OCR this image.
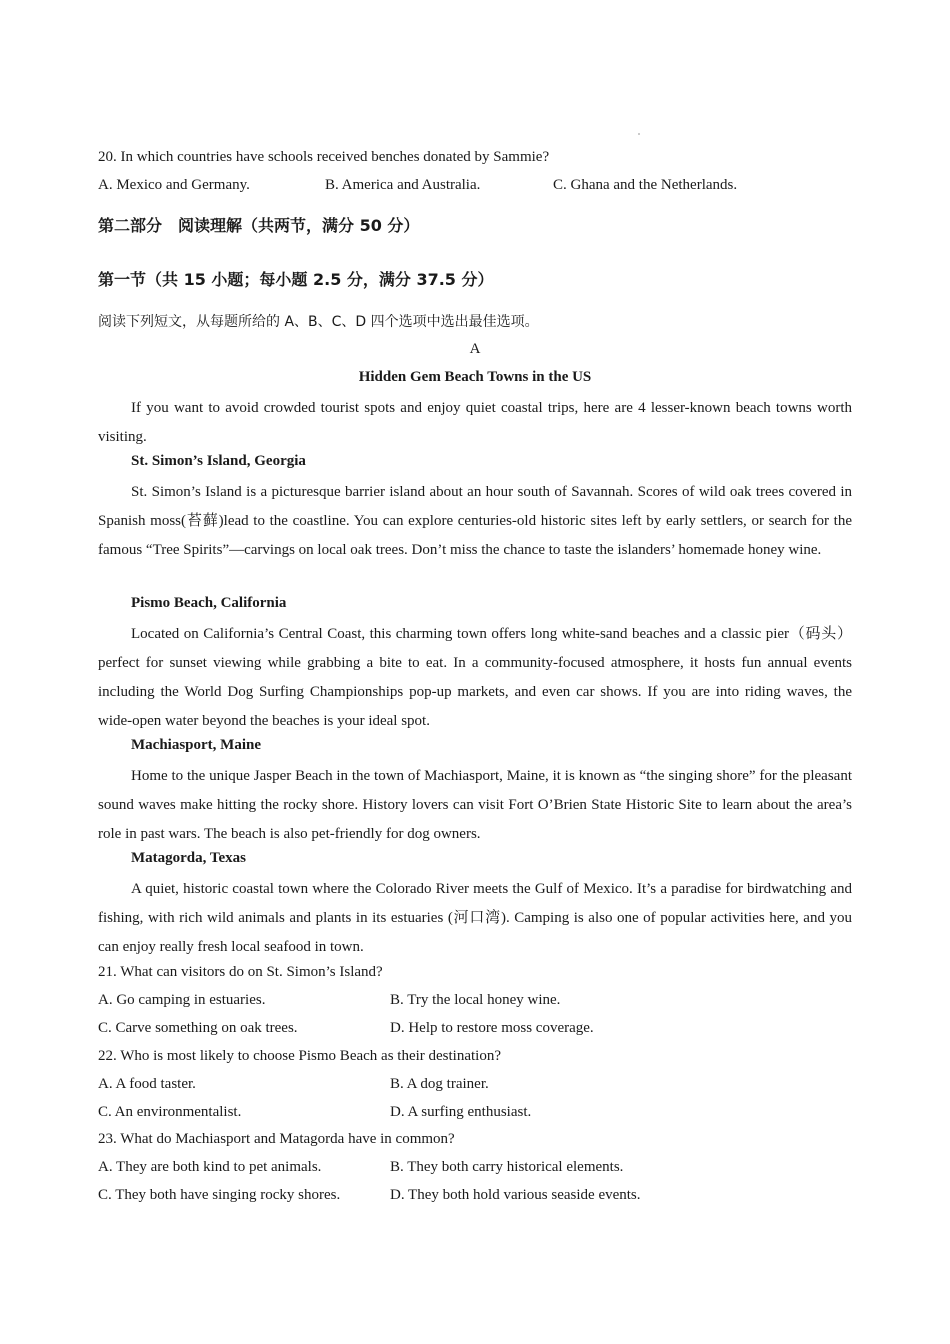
20. In which countries have schools received benches donated by Sammie?
A. Mexico and Germany.	B. America and Australia.	C. Ghana and the Netherlands.
第二部分　阅读理解（共两节，满分 50 分）
第一节（共 15 小题；每小题 2.5 分，满分 37.5 分）
阅读下列短文，从每题所给的 A、B、C、D 四个选项中选出最佳选项。
A
Hidden Gem Beach Towns in the US

If you want to avoid crowded tourist spots and enjoy quiet coastal trips, here are 4 lesser-known beach towns worth visiting.

St. Simon’s Island, Georgia

St. Simon’s Island is a picturesque barrier island about an hour south of Savannah. Scores of wild oak trees covered in Spanish moss(苔藓)lead to the coastline. You can explore centuries-old historic sites left by early settlers, or search for the famous “Tree Spirits”—carvings on local oak trees. Don’t miss the chance to taste the islanders’ homemade honey wine.

Pismo Beach, California

Located on California’s Central Coast, this charming town offers long white-sand beaches and a classic pier（码头）perfect for sunset viewing while grabbing a bite to eat. In a community-focused atmosphere, it hosts fun annual events including the World Dog Surfing Championships pop-up markets, and even car shows. If you are into riding waves, the wide-open water beyond the beaches is your ideal spot.

Machiasport, Maine

Home to the unique Jasper Beach in the town of Machiasport, Maine, it is known as “the singing shore” for the pleasant sound waves make hitting the rocky shore. History lovers can visit Fort O’Brien State Historic Site to learn about the area’s role in past wars. The beach is also pet-friendly for dog owners.

Matagorda, Texas

A quiet, historic coastal town where the Colorado River meets the Gulf of Mexico. It’s a paradise for birdwatching and fishing, with rich wild animals and plants in its estuaries (河口湾). Camping is also one of popular activities here, and you can enjoy really fresh local seafood in town.

21. What can visitors do on St. Simon’s Island?
A. Go camping in estuaries.	B. Try the local honey wine.
C. Carve something on oak trees.	D. Help to restore moss coverage.
22. Who is most likely to choose Pismo Beach as their destination?
A. A food taster.	B. A dog trainer.
C. An environmentalist.	D. A surfing enthusiast.
23. What do Machiasport and Matagorda have in common?
A. They are both kind to pet animals.	B. They both carry historical elements.
C. They both have singing rocky shores.	D. They both hold various seaside events.
